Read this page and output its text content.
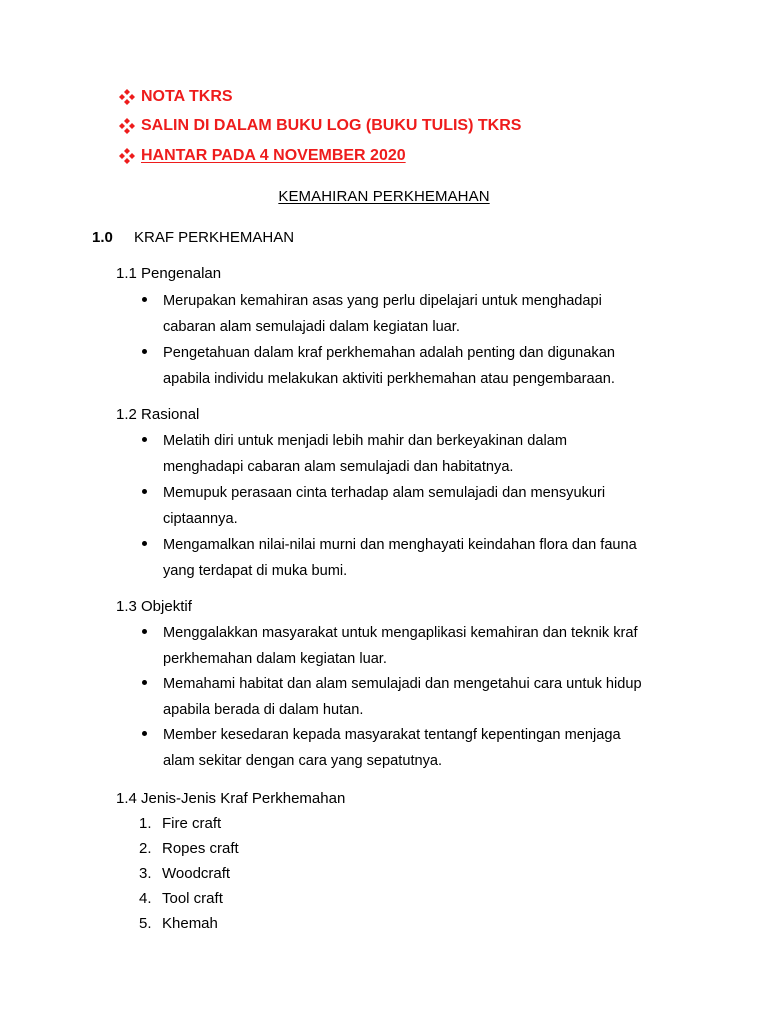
NOTA TKRS
SALIN DI DALAM BUKU LOG (BUKU TULIS) TKRS
HANTAR PADA 4 NOVEMBER 2020
KEMAHIRAN PERKHEMAHAN
1.0 KRAF PERKHEMAHAN
1.1 Pengenalan
Merupakan kemahiran asas yang perlu dipelajari untuk menghadapi
cabaran alam semulajadi dalam kegiatan luar.
Pengetahuan dalam kraf perkhemahan adalah penting dan digunakan
apabila individu melakukan aktiviti perkhemahan atau pengembaraan.
1.2 Rasional
Melatih diri untuk menjadi lebih mahir dan berkeyakinan dalam
menghadapi cabaran alam semulajadi dan habitatnya.
Memupuk perasaan cinta terhadap alam semulajadi dan mensyukuri
ciptaannya.
Mengamalkan nilai-nilai murni dan menghayati keindahan flora dan fauna
yang terdapat di muka bumi.
1.3 Objektif
Menggalakkan masyarakat untuk mengaplikasi kemahiran dan teknik kraf
perkhemahan dalam kegiatan luar.
Memahami habitat dan alam semulajadi dan mengetahui cara untuk hidup
apabila berada di dalam hutan.
Member kesedaran kepada masyarakat tentangf kepentingan menjaga
alam sekitar dengan cara yang sepatutnya.
1.4 Jenis-Jenis Kraf Perkhemahan
1. Fire craft
2. Ropes craft
3. Woodcraft
4. Tool craft
5. Khemah
